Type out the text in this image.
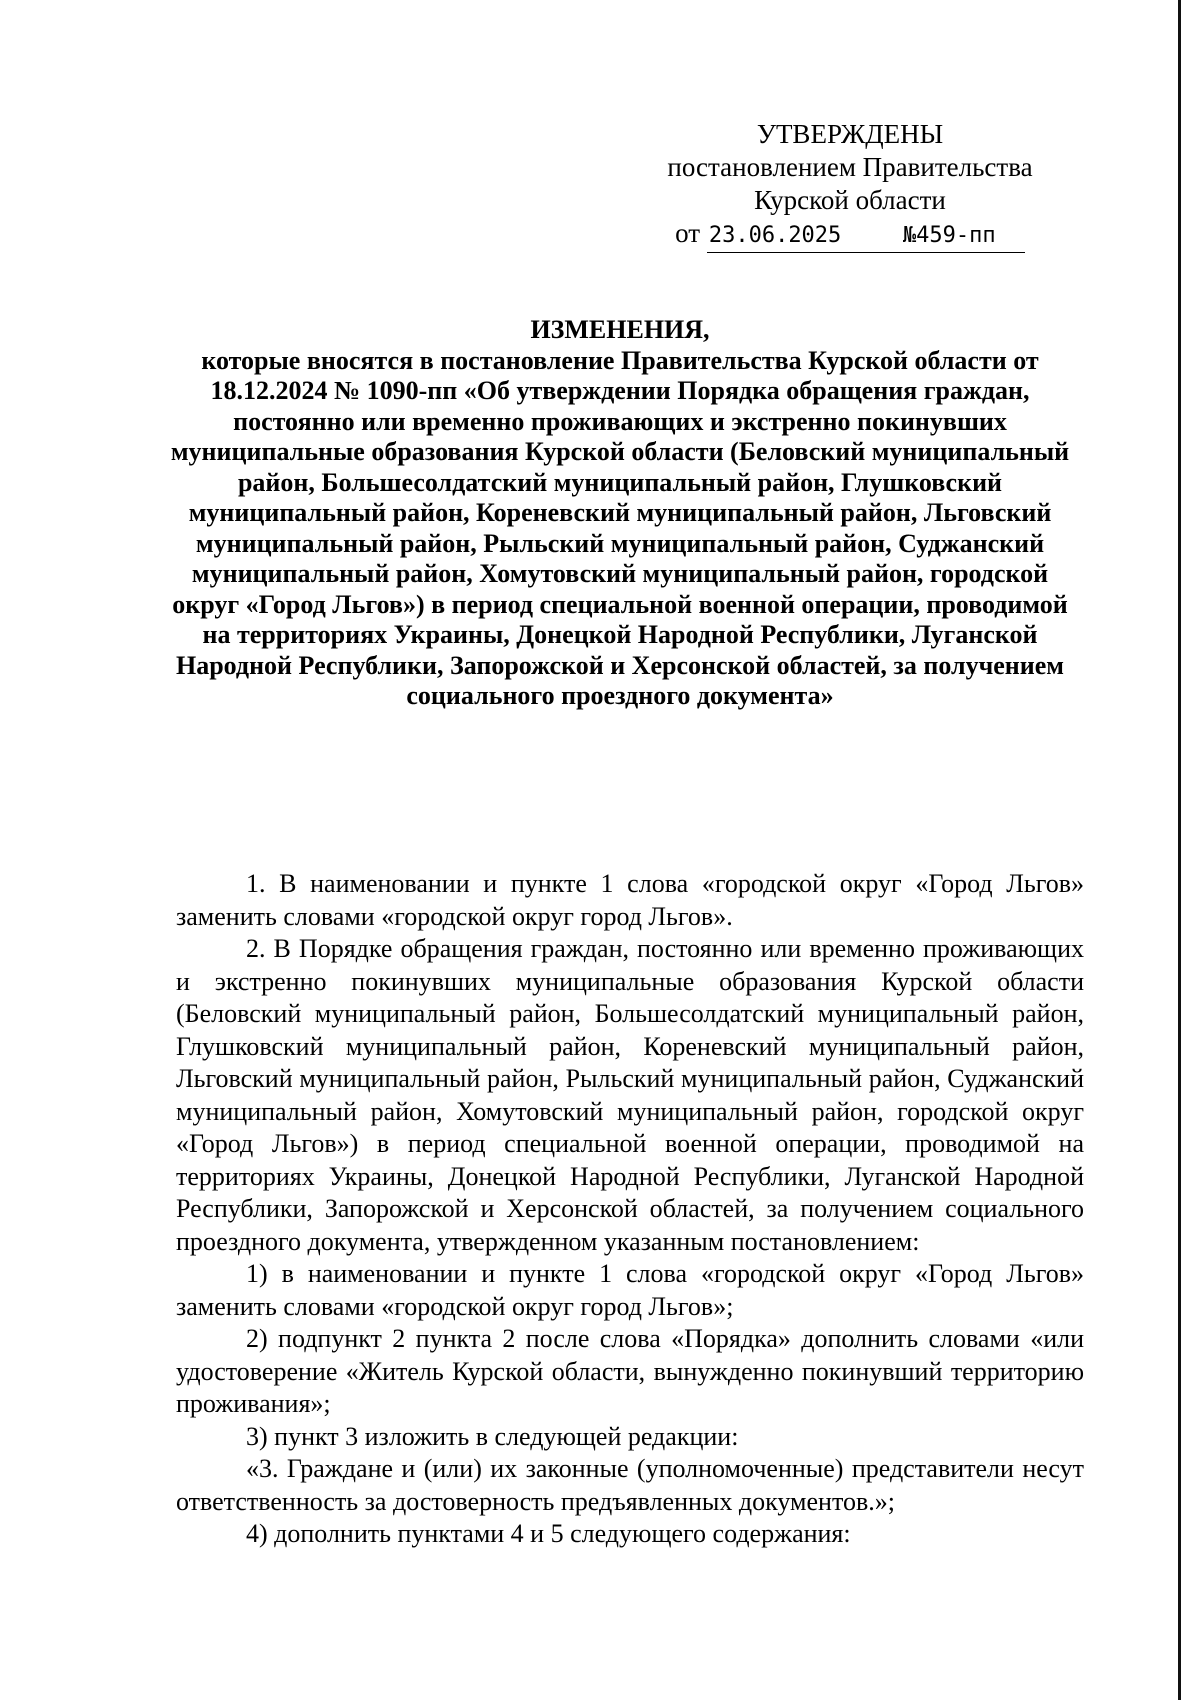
УТВЕРЖДЕНЫ
постановлением Правительства
Курской области
от 23.06.2025	№459-пп
ИЗМЕНЕНИЯ,
которые вносятся в постановление Правительства Курской области от 18.12.2024 № 1090-пп «Об утверждении Порядка обращения граждан, постоянно или временно проживающих и экстренно покинувших муниципальные образования Курской области (Беловский муниципальный район, Большесолдатский муниципальный район, Глушковский муниципальный район, Кореневский муниципальный район, Льговский муниципальный район, Рыльский муниципальный район, Суджанский муниципальный район, Хомутовский муниципальный район, городской округ «Город Льгов») в период специальной военной операции, проводимой на территориях Украины, Донецкой Народной Республики, Луганской Народной Республики, Запорожской и Херсонской областей, за получением социального проездного документа»

1. В наименовании и пункте 1 слова «городской округ «Город Льгов» заменить словами «городской округ город Льгов».

2. В Порядке обращения граждан, постоянно или временно проживающих и экстренно покинувших муниципальные образования Курской области (Беловский муниципальный район, Большесолдатский муниципальный район, Глушковский муниципальный район, Кореневский муниципальный район, Льговский муниципальный район, Рыльский муниципальный район, Суджанский муниципальный район, Хомутовский муниципальный район, городской округ «Город Льгов») в период специальной военной операции, проводимой на территориях Украины, Донецкой Народной Республики, Луганской Народной Республики, Запорожской и Херсонской областей, за получением социального проездного документа, утвержденном указанным постановлением:

1) в наименовании и пункте 1 слова «городской округ «Город Льгов» заменить словами «городской округ город Льгов»;

2) подпункт 2 пункта 2 после слова «Порядка» дополнить словами «или удостоверение «Житель Курской области, вынужденно покинувший территорию проживания»;

3) пункт 3 изложить в следующей редакции:

«3. Граждане и (или) их законные (уполномоченные) представители несут ответственность за достоверность предъявленных документов.»;

4) дополнить пунктами 4 и 5 следующего содержания:
